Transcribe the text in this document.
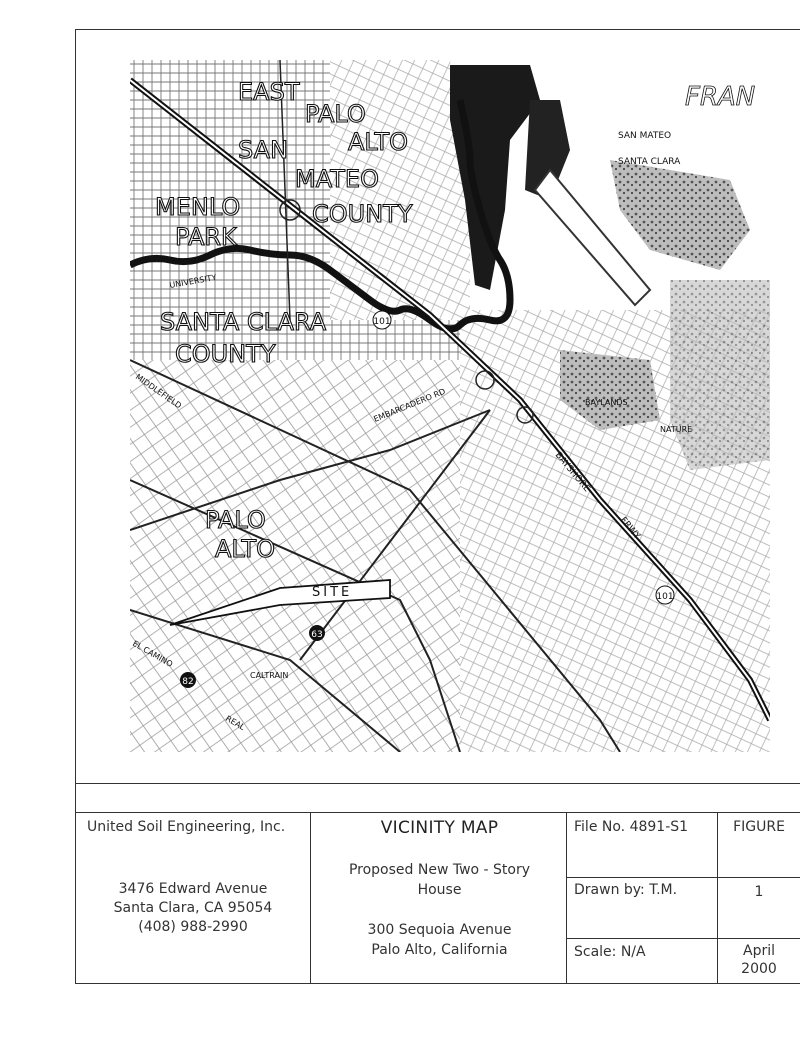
SITE
101
101
63
82
FRAN
EAST
PALO
ALTO
SAN
MATEO
COUNTY
MENLO
PARK
SANTA CLARA
COUNTY
PALO
ALTO
SAN MATEO
SANTA CLARA
BAYLANDS
NATURE
BAYSHORE
FRWY
EMBARCADERO RD
MIDDLEFIELD
EL CAMINO
REAL
CALTRAIN
UNIVERSITY
United Soil Engineering, Inc.
3476 Edward Avenue
Santa Clara, CA 95054
(408) 988-2990
VICINITY MAP
Proposed New Two - Story
House
300 Sequoia Avenue
Palo Alto, California
File No. 4891-S1
Drawn by: T.M.
Scale: N/A
FIGURE
1
April
2000
